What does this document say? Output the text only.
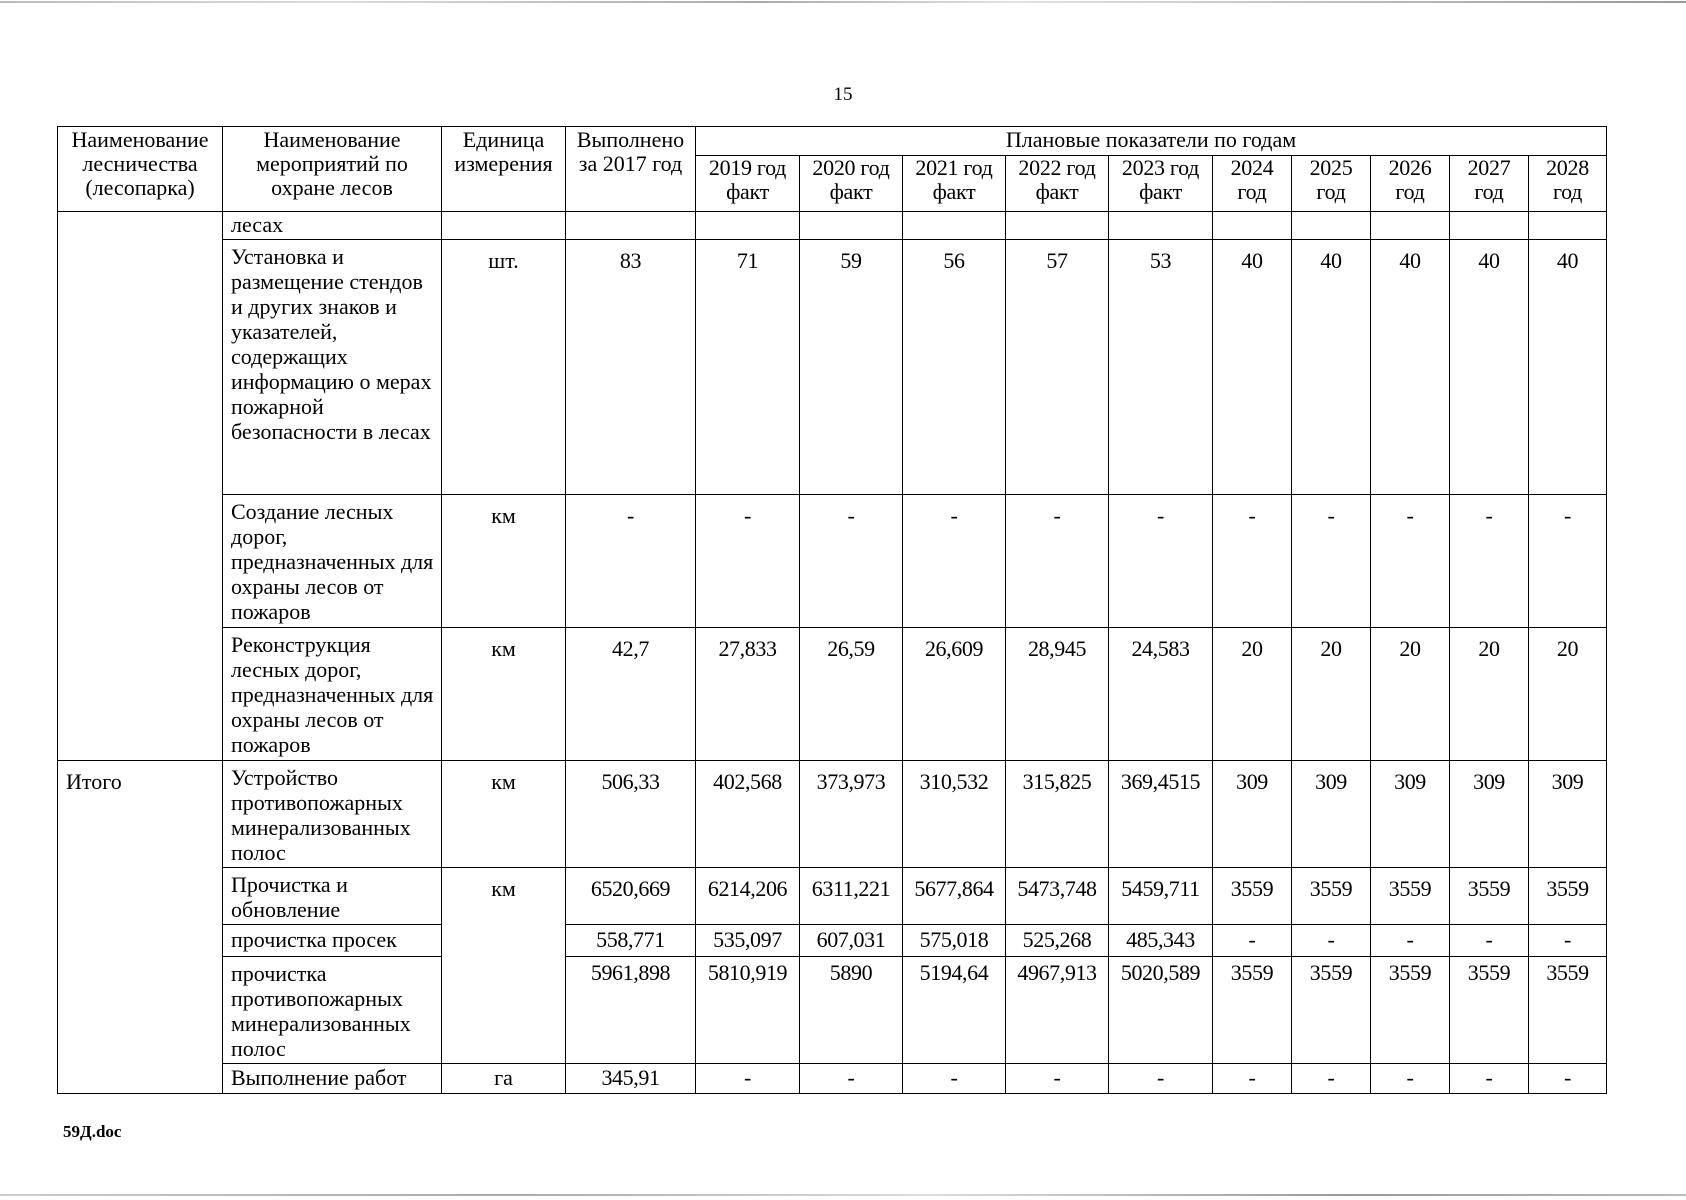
15
Наименование лесничества (лесопарка)	Наименование мероприятий по охране лесов	Единица измерения	Выполнено за 2017 год	Плановые показатели по годам									
				2019 год факт	2020 год факт	2021 год факт	2022 год факт	2023 год факт	2024 год	2025 год	2026 год	2027 год	2028 год
	лесах												
	Установка и размещение стендов и других знаков и указателей, содержащих информацию о мерах пожарной безопасности в лесах	шт.	83	71	59	56	57	53	40	40	40	40	40
	Создание лесных дорог, предназначенных для охраны лесов от пожаров	км	-	-	-	-	-	-	-	-	-	-	-
	Реконструкция лесных дорог, предназначенных для охраны лесов от пожаров	км	42,7	27,833	26,59	26,609	28,945	24,583	20	20	20	20	20
Итого	Устройство противопожарных минерализованных полос	км	506,33	402,568	373,973	310,532	315,825	369,4515	309	309	309	309	309
	Прочистка и обновление	км	6520,669	6214,206	6311,221	5677,864	5473,748	5459,711	3559	3559	3559	3559	3559
	прочистка просек		558,771	535,097	607,031	575,018	525,268	485,343	-	-	-	-	-
	прочистка противопожарных минерализованных полос		5961,898	5810,919	5890	5194,64	4967,913	5020,589	3559	3559	3559	3559	3559
	Выполнение работ	га	345,91	-	-	-	-	-	-	-	-	-	-
59Д.doc
